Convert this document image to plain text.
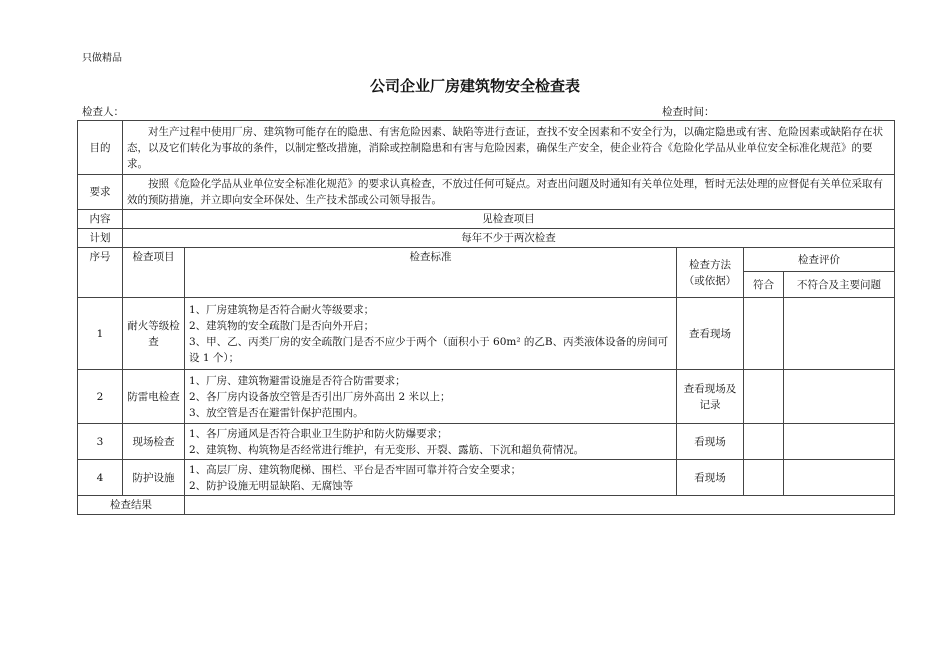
只做精品
公司企业厂房建筑物安全检查表
检查人：	检查时间：
目的	对生产过程中使用厂房、建筑物可能存在的隐患、有害危险因素、缺陷等进行查证，查找不安全因素和不安全行为，以确定隐患或有害、危险因素或缺陷存在状态，以及它们转化为事故的条件，以制定整改措施，消除或控制隐患和有害与危险因素，确保生产安全，使企业符合《危险化学品从业单位安全标准化规范》的要求。				
要求	按照《危险化学品从业单位安全标准化规范》的要求认真检查，不放过任何可疑点。对查出问题及时通知有关单位处理，暂时无法处理的应督促有关单位采取有效的预防措施，并立即向安全环保处、生产技术部或公司领导报告。				
内容	见检查项目				
计划	每年不少于两次检查				
序号	检查项目	检查标准	检查方法（或依据）	检查评价	
				符合	不符合及主要问题
1	耐火等级检查	1、厂房建筑物是否符合耐火等级要求；
2、建筑物的安全疏散门是否向外开启；
3、甲、乙、丙类厂房的安全疏散门是否不应少于两个（面积小于 60m² 的乙B、丙类液体设备的房间可设 1 个）；	查看现场		
2	防雷电检查	1、厂房、建筑物避雷设施是否符合防雷要求；
2、各厂房内设备放空管是否引出厂房外高出 2 米以上；
3、放空管是否在避雷针保护范围内。	查看现场及记录		
3	现场检查	1、各厂房通风是否符合职业卫生防护和防火防爆要求；
2、建筑物、构筑物是否经常进行维护，有无变形、开裂、露筋、下沉和超负荷情况。	看现场		
4	防护设施	1、高层厂房、建筑物爬梯、围栏、平台是否牢固可靠并符合安全要求；
2、防护设施无明显缺陷、无腐蚀等	看现场		
检查结果					
